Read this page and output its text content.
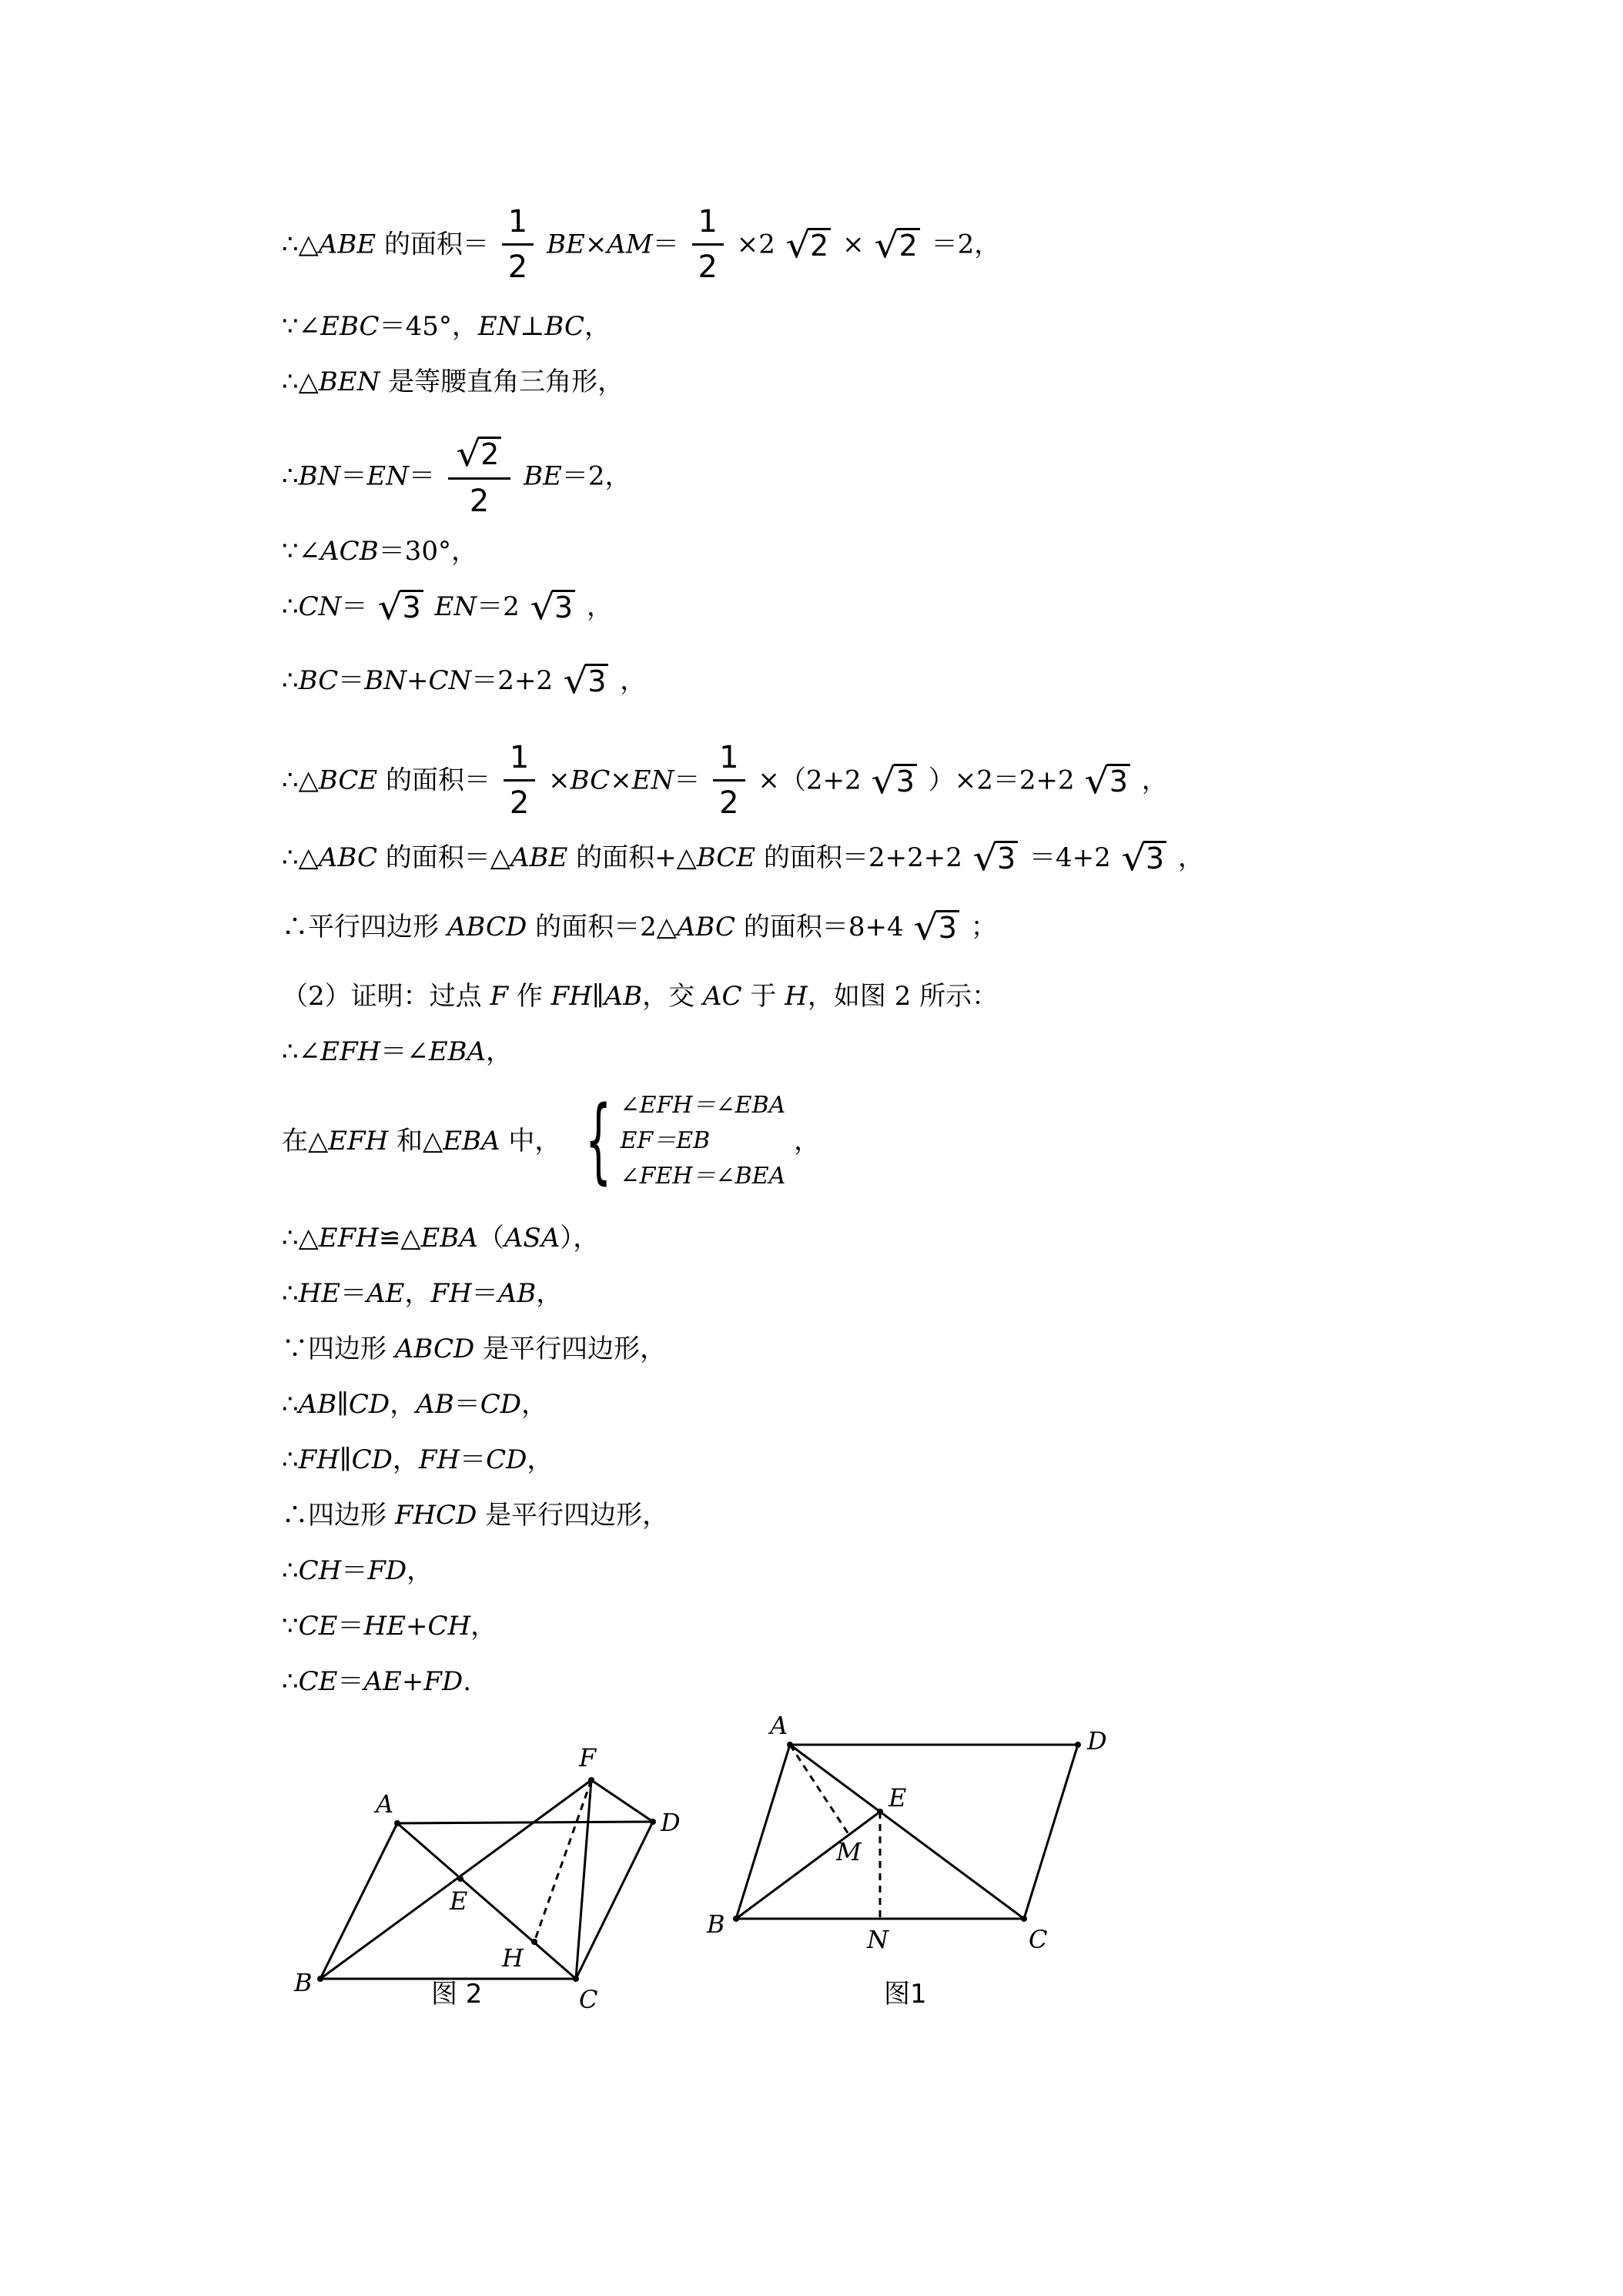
∴△ABE 的面积＝ $\frac{1}{2} BE\times AM= \frac{1}{2} \times 2$ √ 2 × √ 2 ＝2，
∵∠EBC＝45°，EN⊥BC，
∴△BEN 是等腰直角三角形，
∴BN＝EN＝ $\frac{√ 2}{2} BE=2$，
∵∠ACB＝30°，
∴CN＝ √ 3 EN＝2 √ 3 ，
∴BC＝BN+CN＝2+2 √ 3 ，
∴△BCE 的面积＝ $\frac{1}{2} \times BC\times EN= \frac{1}{2} \times(2+2$ √ 3 ）×2＝2+2 √ 3 ，
∴△ABC 的面积＝△ABE 的面积+△BCE 的面积＝2+2+2 √ 3 ＝4+2 √ 3 ，
∴平行四边形 ABCD 的面积＝2△ABC 的面积＝8+4 √ 3 ；
（2）证明：过点 F 作 FH∥AB，交 AC 于 H，如图 2 所示：
∴∠EFH＝∠EBA，
在△EFH 和△EBA 中， { ∠EFH＝∠EBA
EF＝EB
∠FEH＝∠BEA
，
∴△EFH≌△EBA（ASA），
∴HE＝AE，FH＝AB，
∵四边形 ABCD 是平行四边形，
∴AB∥CD，AB＝CD，
∴FH∥CD，FH＝CD，
∴四边形 FHCD 是平行四边形，
∴CH＝FD，
∵CE＝HE+CH，
∴CE＝AE+FD.
A
B
C
D
E
F
H
图 2
A
B
C
D
E
M
N
图1
